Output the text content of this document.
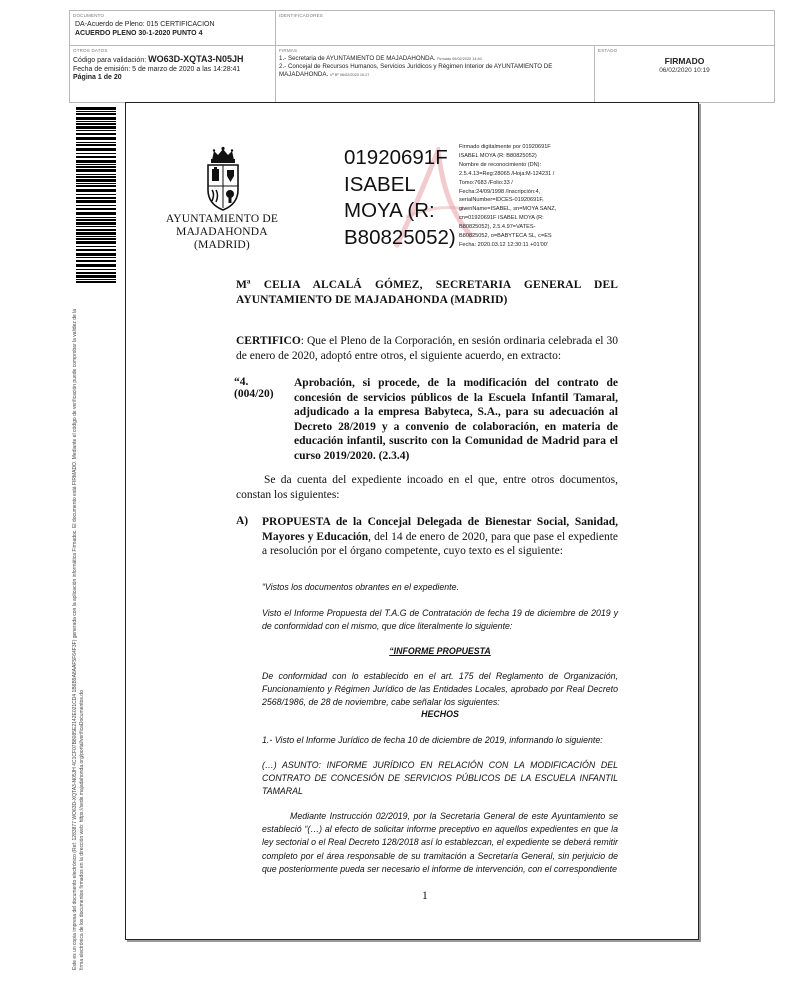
DOCUMENTO
DA-Acuerdo de Pleno: 015 CERTIFICACION
ACUERDO PLENO 30-1-2020 PUNTO 4
IDENTIFICADORES
OTROS DATOS
Código para validación: WO63D-XQTA3-N05JH
Fecha de emisión: 5 de marzo de 2020 a las 14:28:41
Página 1 de 20
FIRMAS
1.- Secretaria de AYUNTAMIENTO DE MAJADAHONDA. Firmado 06/02/2020 14:40
2.- Concejal de Recursos Humanos, Servicios Jurídicos y Régimen Interior de AYUNTAMIENTO DE MAJADAHONDA. Vº Bº 06/02/2020 10:27
ESTADO
FIRMADO
06/02/2020 10:19
Este es un copia impresa del documento electrónico (Ref: 1283877 WO63D-XQTA3-N05JH 4C1CF07B8085E2142E021CD4 1B6B9A8AAF5F64F3F) generada con la aplicación informática Firmadoc. El documento está FIRMADO. Mediante el código de verificación puede comprobar la validez de la firma electrónica de los documentos firmados en la dirección web: https://sede.majadahonda.org/portal/verificaDocumentos.do
AYUNTAMIENTO DE
MAJADAHONDA
(MADRID)
01920691F
ISABEL
MOYA (R:
B80825052)
Firmado digitalmente por 01920691F
ISABEL MOYA (R: B80825052)
Nombre de reconocimiento (DN):
2.5.4.13=Reg:28065 /Hoja:M-124231 /
Tomo:7683 /Folio:33 /
Fecha:24/09/1998 /Inscripción:4,
serialNumber=IDCES-01920691F,
givenName=ISABEL, sn=MOYA SANZ,
cn=01920691F ISABEL MOYA (R:
B80825052), 2.5.4.97=VATES-
B80825052, o=BABYTECA SL, c=ES
Fecha: 2020.03.12 12:30:11 +01'00'
Mª CELIA ALCALÁ GÓMEZ, SECRETARIA GENERAL DEL AYUNTAMIENTO DE MAJADAHONDA (MADRID)
CERTIFICO: Que el Pleno de la Corporación, en sesión ordinaria celebrada el 30 de enero de 2020, adoptó entre otros, el siguiente acuerdo, en extracto:
“4.(004/20)
Aprobación, si procede, de la modificación del contrato de concesión de servicios públicos de la Escuela Infantil Tamaral, adjudicado a la empresa Babyteca, S.A., para su adecuación al Decreto 28/2019 y a convenio de colaboración, en materia de educación infantil, suscrito con la Comunidad de Madrid para el curso 2019/2020. (2.3.4)
Se da cuenta del expediente incoado en el que, entre otros documentos, constan los siguientes:
A) PROPUESTA de la Concejal Delegada de Bienestar Social, Sanidad, Mayores y Educación, del 14 de enero de 2020, para que pase el expediente a resolución por el órgano competente, cuyo texto es el siguiente:
“Vistos los documentos obrantes en el expediente.
Visto el Informe Propuesta del T.A.G de Contratación de fecha 19 de diciembre de 2019 y de conformidad con el mismo, que dice literalmente lo siguiente:
“INFORME PROPUESTA
De conformidad con lo establecido en el art. 175 del Reglamento de Organización, Funcionamiento y Régimen Jurídico de las Entidades Locales, aprobado por Real Decreto 2568/1986, de 28 de noviembre, cabe señalar los siguientes:
HECHOS
1.- Visto el Informe Jurídico de fecha 10 de diciembre de 2019, informando lo siguiente:
(…) ASUNTO: INFORME JURÍDICO EN RELACIÓN CON LA MODIFICACIÓN DEL CONTRATO DE CONCESIÓN DE SERVICIOS PÚBLICOS DE LA ESCUELA INFANTIL TAMARAL
Mediante Instrucción 02/2019, por la Secretaria General de este Ayuntamiento se estableció “(…) al efecto de solicitar informe preceptivo en aquellos expedientes en que la ley sectorial o el Real Decreto 128/2018 así lo establezcan, el expediente se deberá remitir completo por el área responsable de su tramitación a Secretaría General, sin perjuicio de que posteriormente pueda ser necesario el informe de intervención, con el correspondiente
1
